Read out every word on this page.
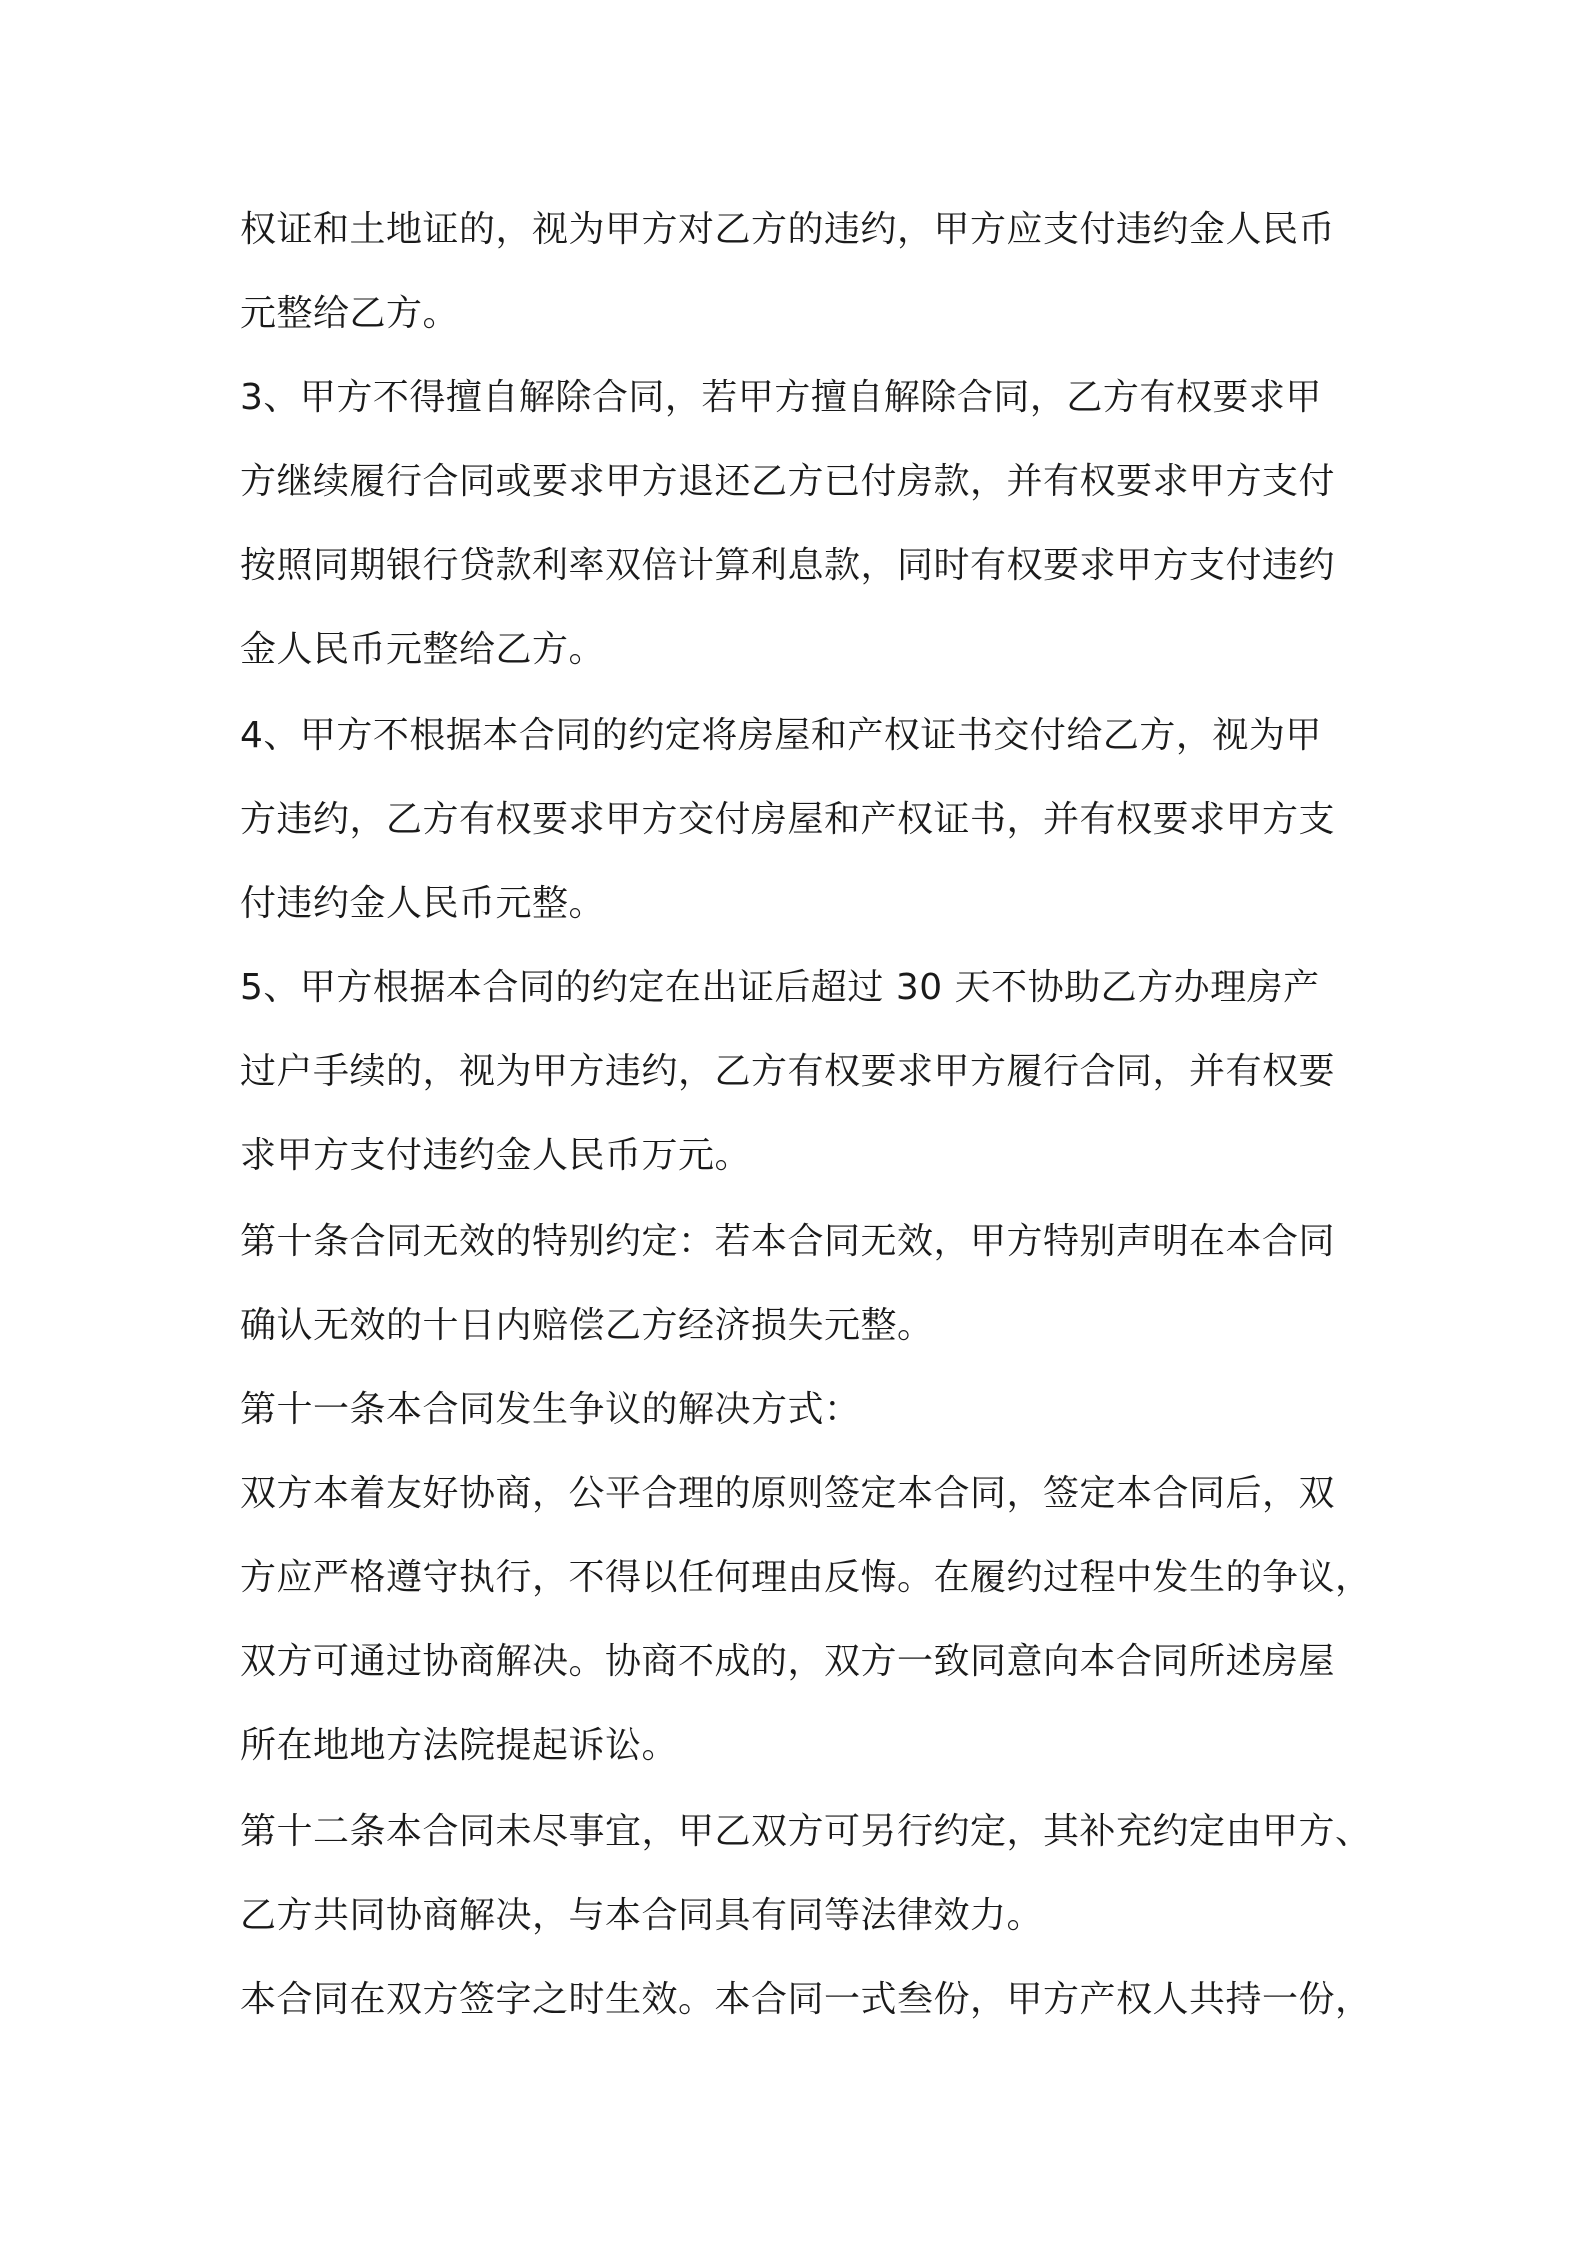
权证和土地证的，视为甲方对乙方的违约，甲方应支付违约金人民币
元整给乙方。
3、甲方不得擅自解除合同，若甲方擅自解除合同，乙方有权要求甲
方继续履行合同或要求甲方退还乙方已付房款，并有权要求甲方支付
按照同期银行贷款利率双倍计算利息款，同时有权要求甲方支付违约
金人民币元整给乙方。
4、甲方不根据本合同的约定将房屋和产权证书交付给乙方，视为甲
方违约，乙方有权要求甲方交付房屋和产权证书，并有权要求甲方支
付违约金人民币元整。
5、甲方根据本合同的约定在出证后超过 30 天不协助乙方办理房产
过户手续的，视为甲方违约，乙方有权要求甲方履行合同，并有权要
求甲方支付违约金人民币万元。
第十条合同无效的特别约定：若本合同无效，甲方特别声明在本合同
确认无效的十日内赔偿乙方经济损失元整。
第十一条本合同发生争议的解决方式：
双方本着友好协商，公平合理的原则签定本合同，签定本合同后，双
方应严格遵守执行，不得以任何理由反悔。在履约过程中发生的争议，
双方可通过协商解决。协商不成的，双方一致同意向本合同所述房屋
所在地地方法院提起诉讼。
第十二条本合同未尽事宜，甲乙双方可另行约定，其补充约定由甲方、
乙方共同协商解决，与本合同具有同等法律效力。
本合同在双方签字之时生效。本合同一式叁份，甲方产权人共持一份，
